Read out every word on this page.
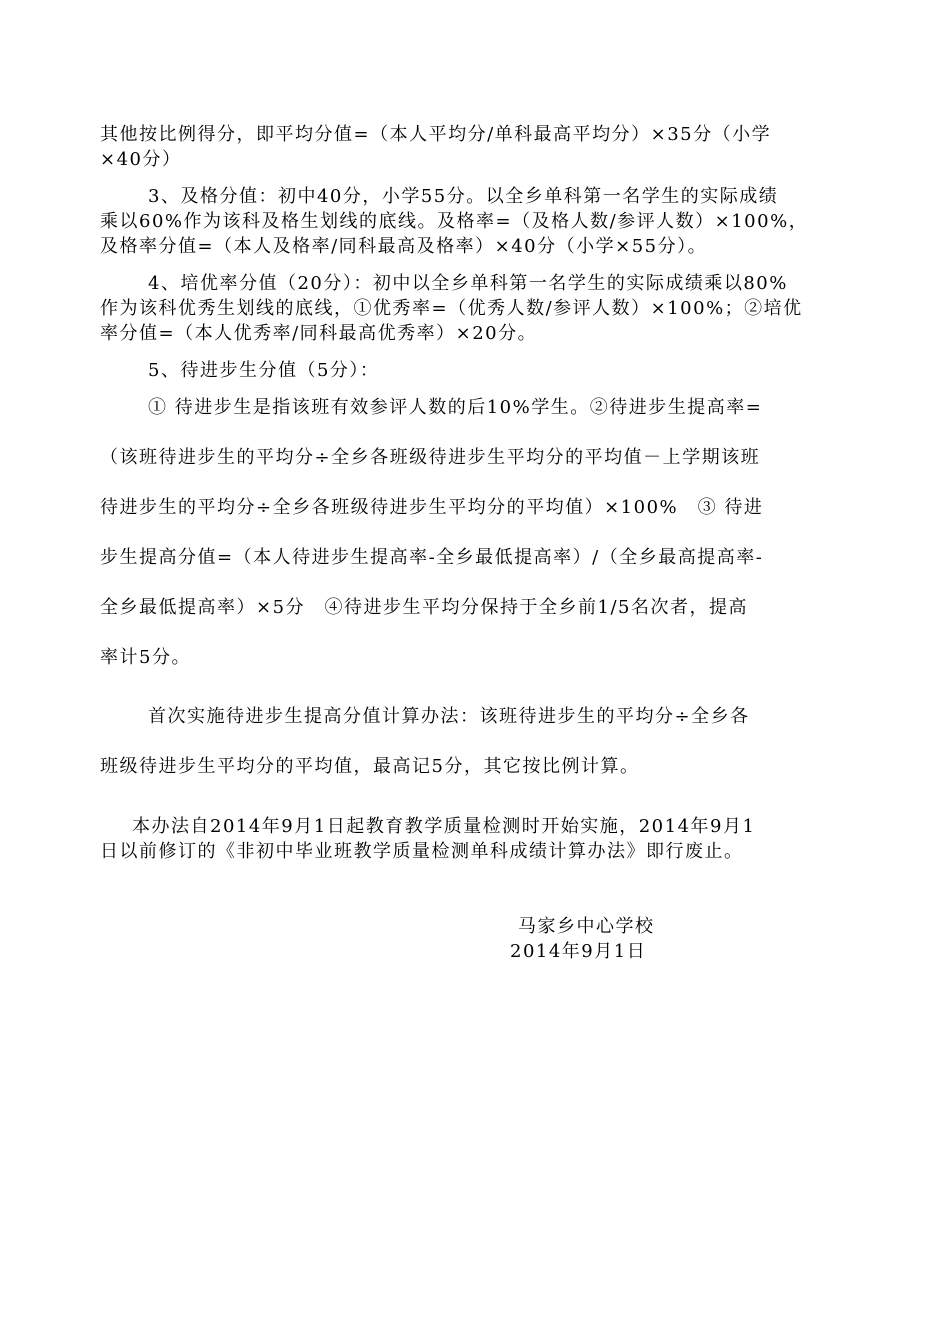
其他按比例得分，即平均分值=（本人平均分/单科最高平均分）×35分（小学
×40分）
3、及格分值：初中40分，小学55分。以全乡单科第一名学生的实际成绩
乘以60%作为该科及格生划线的底线。及格率=（及格人数/参评人数）×100%，
及格率分值=（本人及格率/同科最高及格率）×40分（小学×55分）。
4、培优率分值（20分）：初中以全乡单科第一名学生的实际成绩乘以80%
作为该科优秀生划线的底线，①优秀率=（优秀人数/参评人数）×100%；②培优
率分值=（本人优秀率/同科最高优秀率）×20分。
5、待进步生分值（5分）：
① 待进步生是指该班有效参评人数的后10%学生。②待进步生提高率=
（该班待进步生的平均分÷全乡各班级待进步生平均分的平均值－上学期该班
待进步生的平均分÷全乡各班级待进步生平均分的平均值）×100%　③ 待进
步生提高分值=（本人待进步生提高率-全乡最低提高率）/（全乡最高提高率-
全乡最低提高率）×5分　④待进步生平均分保持于全乡前1/5名次者，提高
率计5分。
首次实施待进步生提高分值计算办法：该班待进步生的平均分÷全乡各
班级待进步生平均分的平均值，最高记5分，其它按比例计算。
本办法自2014年9月1日起教育教学质量检测时开始实施，2014年9月1
日以前修订的《非初中毕业班教学质量检测单科成绩计算办法》即行废止。
马家乡中心学校
2014年9月1日
